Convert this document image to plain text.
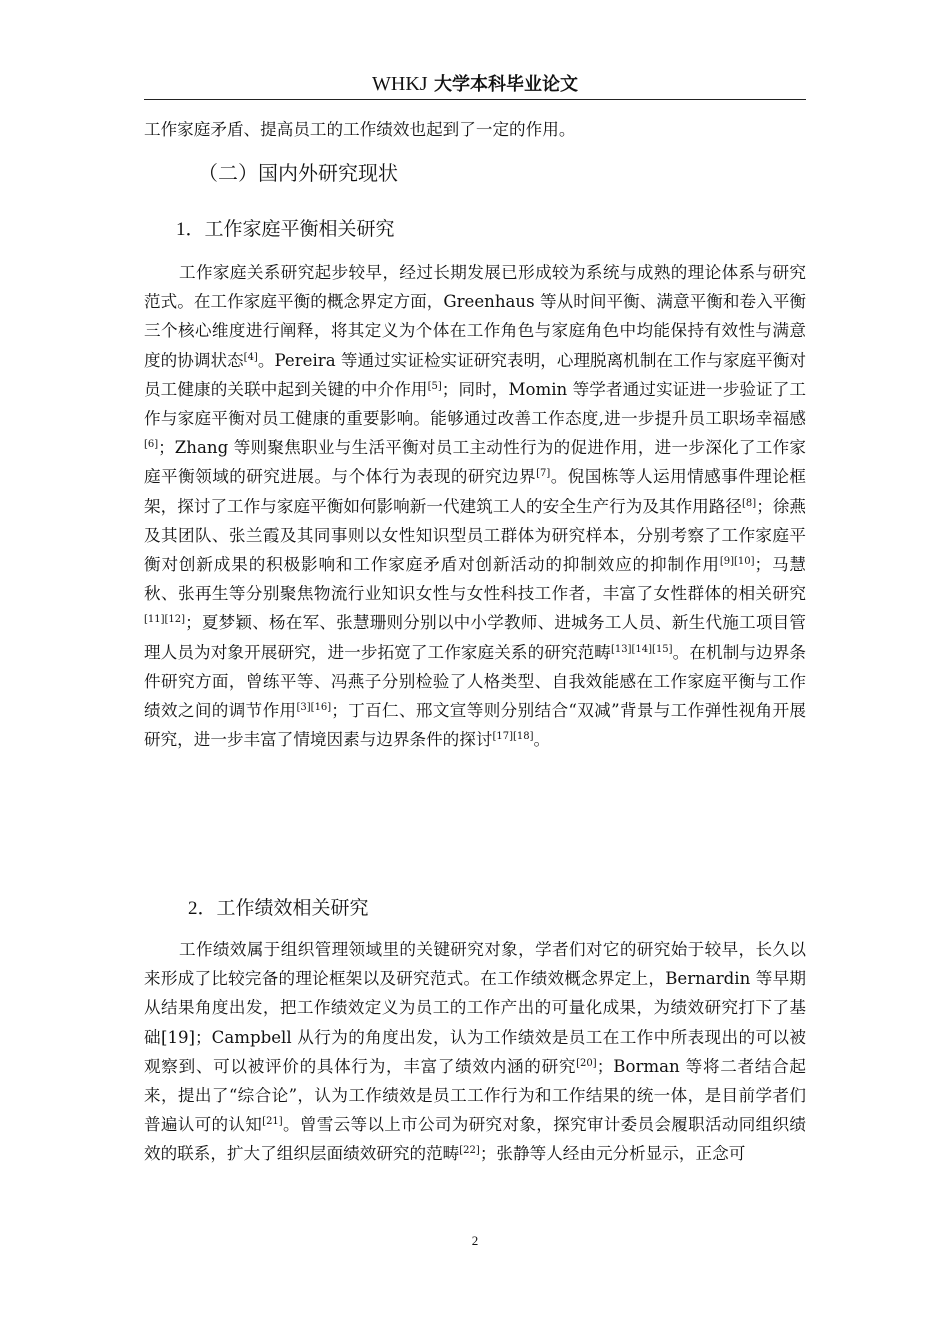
WHKJ 大学本科毕业论文

工作家庭矛盾、提高员工的工作绩效也起到了一定的作用。

（二）国内外研究现状
1．工作家庭平衡相关研究

工作家庭关系研究起步较早，经过长期发展已形成较为系统与成熟的理论体系与研究范式。在工作家庭平衡的概念界定方面，Greenhaus 等从时间平衡、满意平衡和卷入平衡三个核心维度进行阐释，将其定义为个体在工作角色与家庭角色中均能保持有效性与满意度的协调状态[4]。Pereira 等通过实证检实证研究表明，心理脱离机制在工作与家庭平衡对员工健康的关联中起到关键的中介作用[5]；同时，Momin 等学者通过实证进一步验证了工作与家庭平衡对员工健康的重要影响。能够通过改善工作态度,进一步提升员工职场幸福感[6]；Zhang 等则聚焦职业与生活平衡对员工主动性行为的促进作用，进一步深化了工作家庭平衡领域的研究进展。与个体行为表现的研究边界[7]。倪国栋等人运用情感事件理论框架，探讨了工作与家庭平衡如何影响新一代建筑工人的安全生产行为及其作用路径[8]；徐燕及其团队、张兰霞及其同事则以女性知识型员工群体为研究样本，分别考察了工作家庭平衡对创新成果的积极影响和工作家庭矛盾对创新活动的抑制效应的抑制作用[9][10]；马慧秋、张再生等分别聚焦物流行业知识女性与女性科技工作者，丰富了女性群体的相关研究[11][12]；夏梦颖、杨在军、张慧珊则分别以中小学教师、进城务工人员、新生代施工项目管理人员为对象开展研究，进一步拓宽了工作家庭关系的研究范畴[13][14][15]。在机制与边界条件研究方面，曾练平等、冯燕子分别检验了人格类型、自我效能感在工作家庭平衡与工作绩效之间的调节作用[3][16]；丁百仁、邢文宣等则分别结合“双减”背景与工作弹性视角开展研究，进一步丰富了情境因素与边界条件的探讨[17][18]。

2．工作绩效相关研究

工作绩效属于组织管理领域里的关键研究对象，学者们对它的研究始于较早，长久以来形成了比较完备的理论框架以及研究范式。在工作绩效概念界定上，Bernardin 等早期从结果角度出发，把工作绩效定义为员工的工作产出的可量化成果，为绩效研究打下了基础[19]；Campbell 从行为的角度出发，认为工作绩效是员工在工作中所表现出的可以被观察到、可以被评价的具体行为，丰富了绩效内涵的研究[20]；Borman 等将二者结合起来，提出了“综合论”，认为工作绩效是员工工作行为和工作结果的统一体，是目前学者们普遍认可的认知[21]。曾雪云等以上市公司为研究对象，探究审计委员会履职活动同组织绩效的联系，扩大了组织层面绩效研究的范畴[22]；张静等人经由元分析显示，正念可

2
